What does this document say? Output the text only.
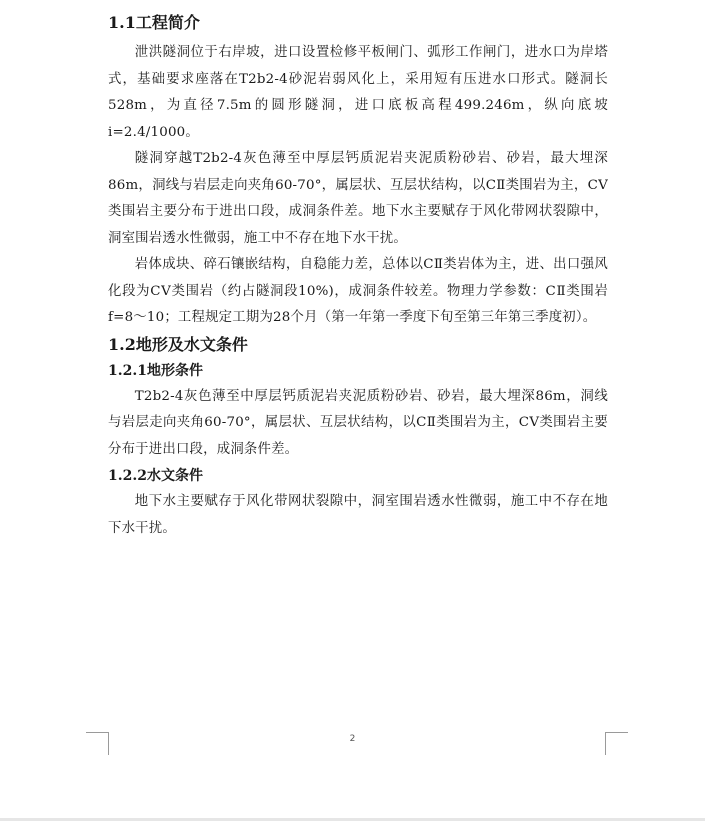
1.1工程简介

泄洪隧洞位于右岸坡，进口设置检修平板闸门、弧形工作闸门，进水口为岸塔式，基础要求座落在T2b2-4砂泥岩弱风化上，采用短有压进水口形式。隧洞长528m，为直径7.5m的圆形隧洞，进口底板高程499.246m，纵向底坡i=2.4/1000。

隧洞穿越T2b2-4灰色薄至中厚层钙质泥岩夹泥质粉砂岩、砂岩，最大埋深86m，洞线与岩层走向夹角60-70°，属层状、互层状结构，以CⅡ类围岩为主，CⅤ类围岩主要分布于进出口段，成洞条件差。地下水主要赋存于风化带网状裂隙中，洞室围岩透水性微弱，施工中不存在地下水干扰。

岩体成块、碎石镶嵌结构，自稳能力差，总体以CⅡ类岩体为主，进、出口强风化段为CⅤ类围岩（约占隧洞段10%)，成洞条件较差。物理力学参数：CⅡ类围岩f=8～10；工程规定工期为28个月（第一年第一季度下旬至第三年第三季度初）。

1.2地形及水文条件
1.2.1地形条件

T2b2-4灰色薄至中厚层钙质泥岩夹泥质粉砂岩、砂岩，最大埋深86m，洞线与岩层走向夹角60-70°，属层状、互层状结构，以CⅡ类围岩为主，CⅤ类围岩主要分布于进出口段，成洞条件差。

1.2.2水文条件

地下水主要赋存于风化带网状裂隙中，洞室围岩透水性微弱，施工中不存在地下水干扰。

2
